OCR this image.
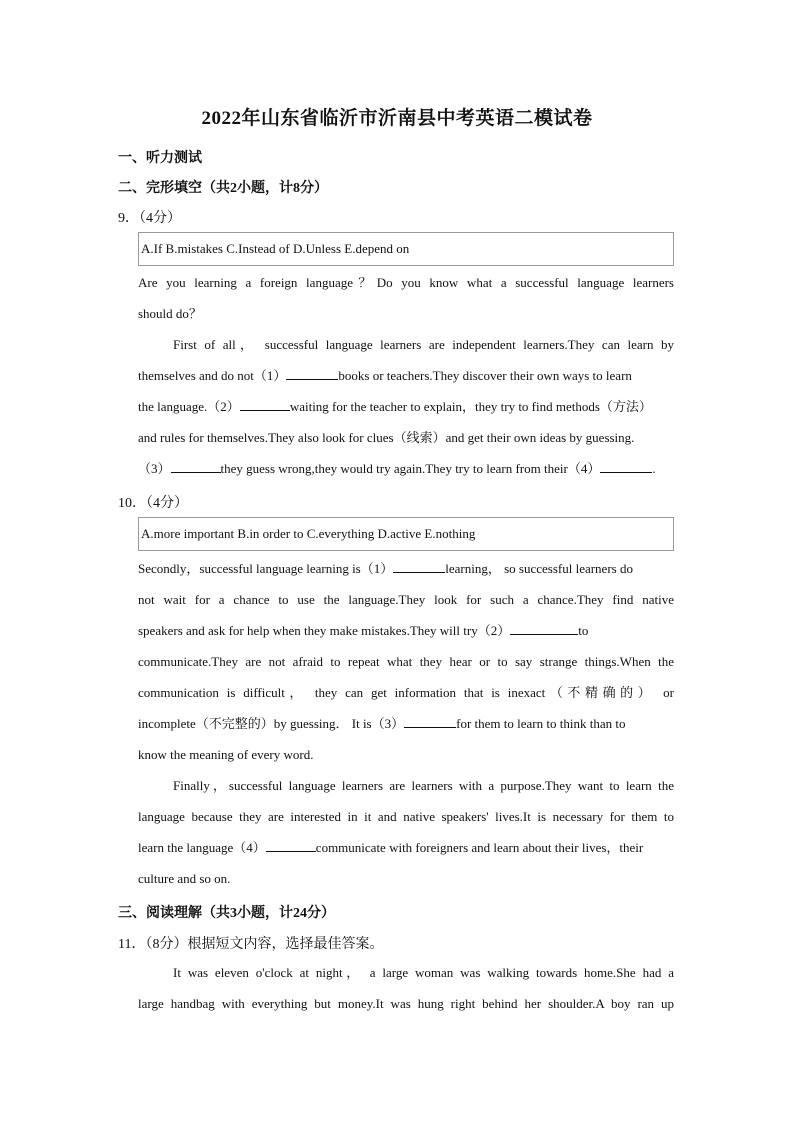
2022年山东省临沂市沂南县中考英语二模试卷
一、听力测试
二、完形填空（共2小题，计8分）
9．（4分）
A.If B.mistakes C.Instead of D.Unless E.depend on
Are you learning a foreign language？Do you know what a successful language learners
should do？
First of all， successful language learners are independent learners.They can learn by
themselves and do not（1）	books or teachers.They discover their own ways to learn
the language.（2）	waiting for the teacher to explain，they try to find methods（方法）
and rules for themselves.They also look for clues（线索）and get their own ideas by guessing.
（3）	they guess wrong,they would try again.They try to learn from their（4）	.
10．（4分）
A.more important B.in order to C.everything D.active E.nothing
Secondly，successful language learning is（1）	learning， so successful learners do
not wait for a chance to use the language.They look for such a chance.They find native
speakers and ask for help when they make mistakes.They will try（2）	to
communicate.They are not afraid to repeat what they hear or to say strange things.When the
communication is difficult， they can get information that is inexact（不精确的） or
incomplete（不完整的）by guessing． It is（3）	for them to learn to think than to
know the meaning of every word.
Finally，successful language learners are learners with a purpose.They want to learn the
language because they are interested in it and native speakers' lives.It is necessary for them to
learn the language（4）	communicate with foreigners and learn about their lives，their
culture and so on.
三、阅读理解（共3小题，计24分）
11．（8分）根据短文内容，选择最佳答案。
It was eleven o'clock at night， a large woman was walking towards home.She had a
large handbag with everything but money.It was hung right behind her shoulder.A boy ran up
